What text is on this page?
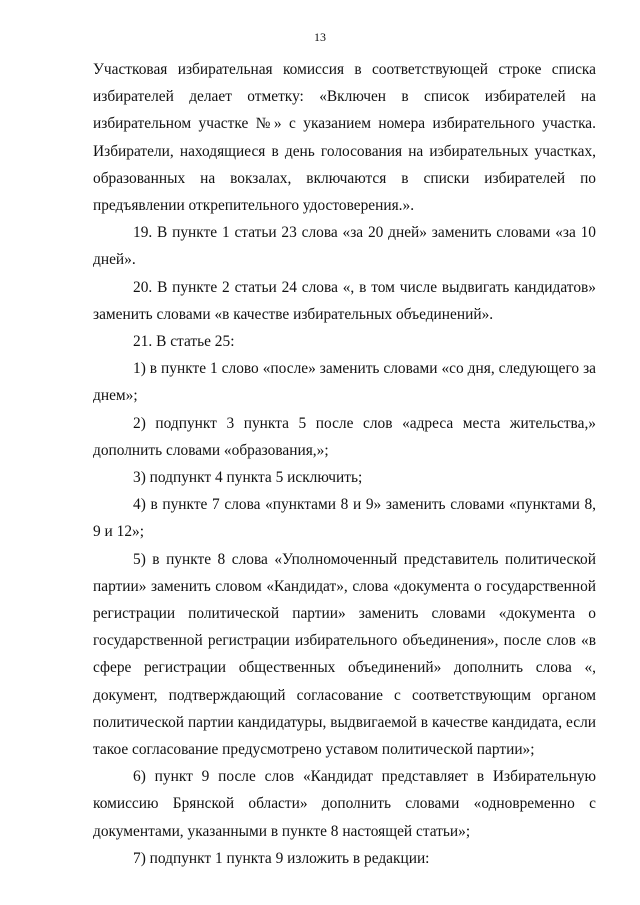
13

Участковая избирательная комиссия в соответствующей строке списка избирателей делает отметку: «Включен в список избирателей на избирательном участке №» с указанием номера избирательного участка. Избиратели, находящиеся в день голосования на избирательных участках, образованных на вокзалах, включаются в списки избирателей по предъявлении открепительного удостоверения.».

19. В пункте 1 статьи 23 слова «за 20 дней» заменить словами «за 10 дней».

20. В пункте 2 статьи 24 слова «, в том числе выдвигать кандидатов» заменить словами «в качестве избирательных объединений».

21. В статье 25:

1) в пункте 1 слово «после» заменить словами «со дня, следующего за днем»;

2) подпункт 3 пункта 5 после слов «адреса места жительства,» дополнить словами «образования,»;

3) подпункт 4 пункта 5 исключить;

4) в пункте 7 слова «пунктами 8 и 9» заменить словами «пунктами 8, 9 и 12»;

5) в пункте 8 слова «Уполномоченный представитель политической партии» заменить словом «Кандидат», слова «документа о государственной регистрации политической партии» заменить словами «документа о государственной регистрации избирательного объединения», после слов «в сфере регистрации общественных объединений» дополнить слова «, документ, подтверждающий согласование с соответствующим органом политической партии кандидатуры, выдвигаемой в качестве кандидата, если такое согласование предусмотрено уставом политической партии»;

6) пункт 9 после слов «Кандидат представляет в Избирательную комиссию Брянской области» дополнить словами «одновременно с документами, указанными в пункте 8 настоящей статьи»;

7) подпункт 1 пункта 9 изложить в редакции:
